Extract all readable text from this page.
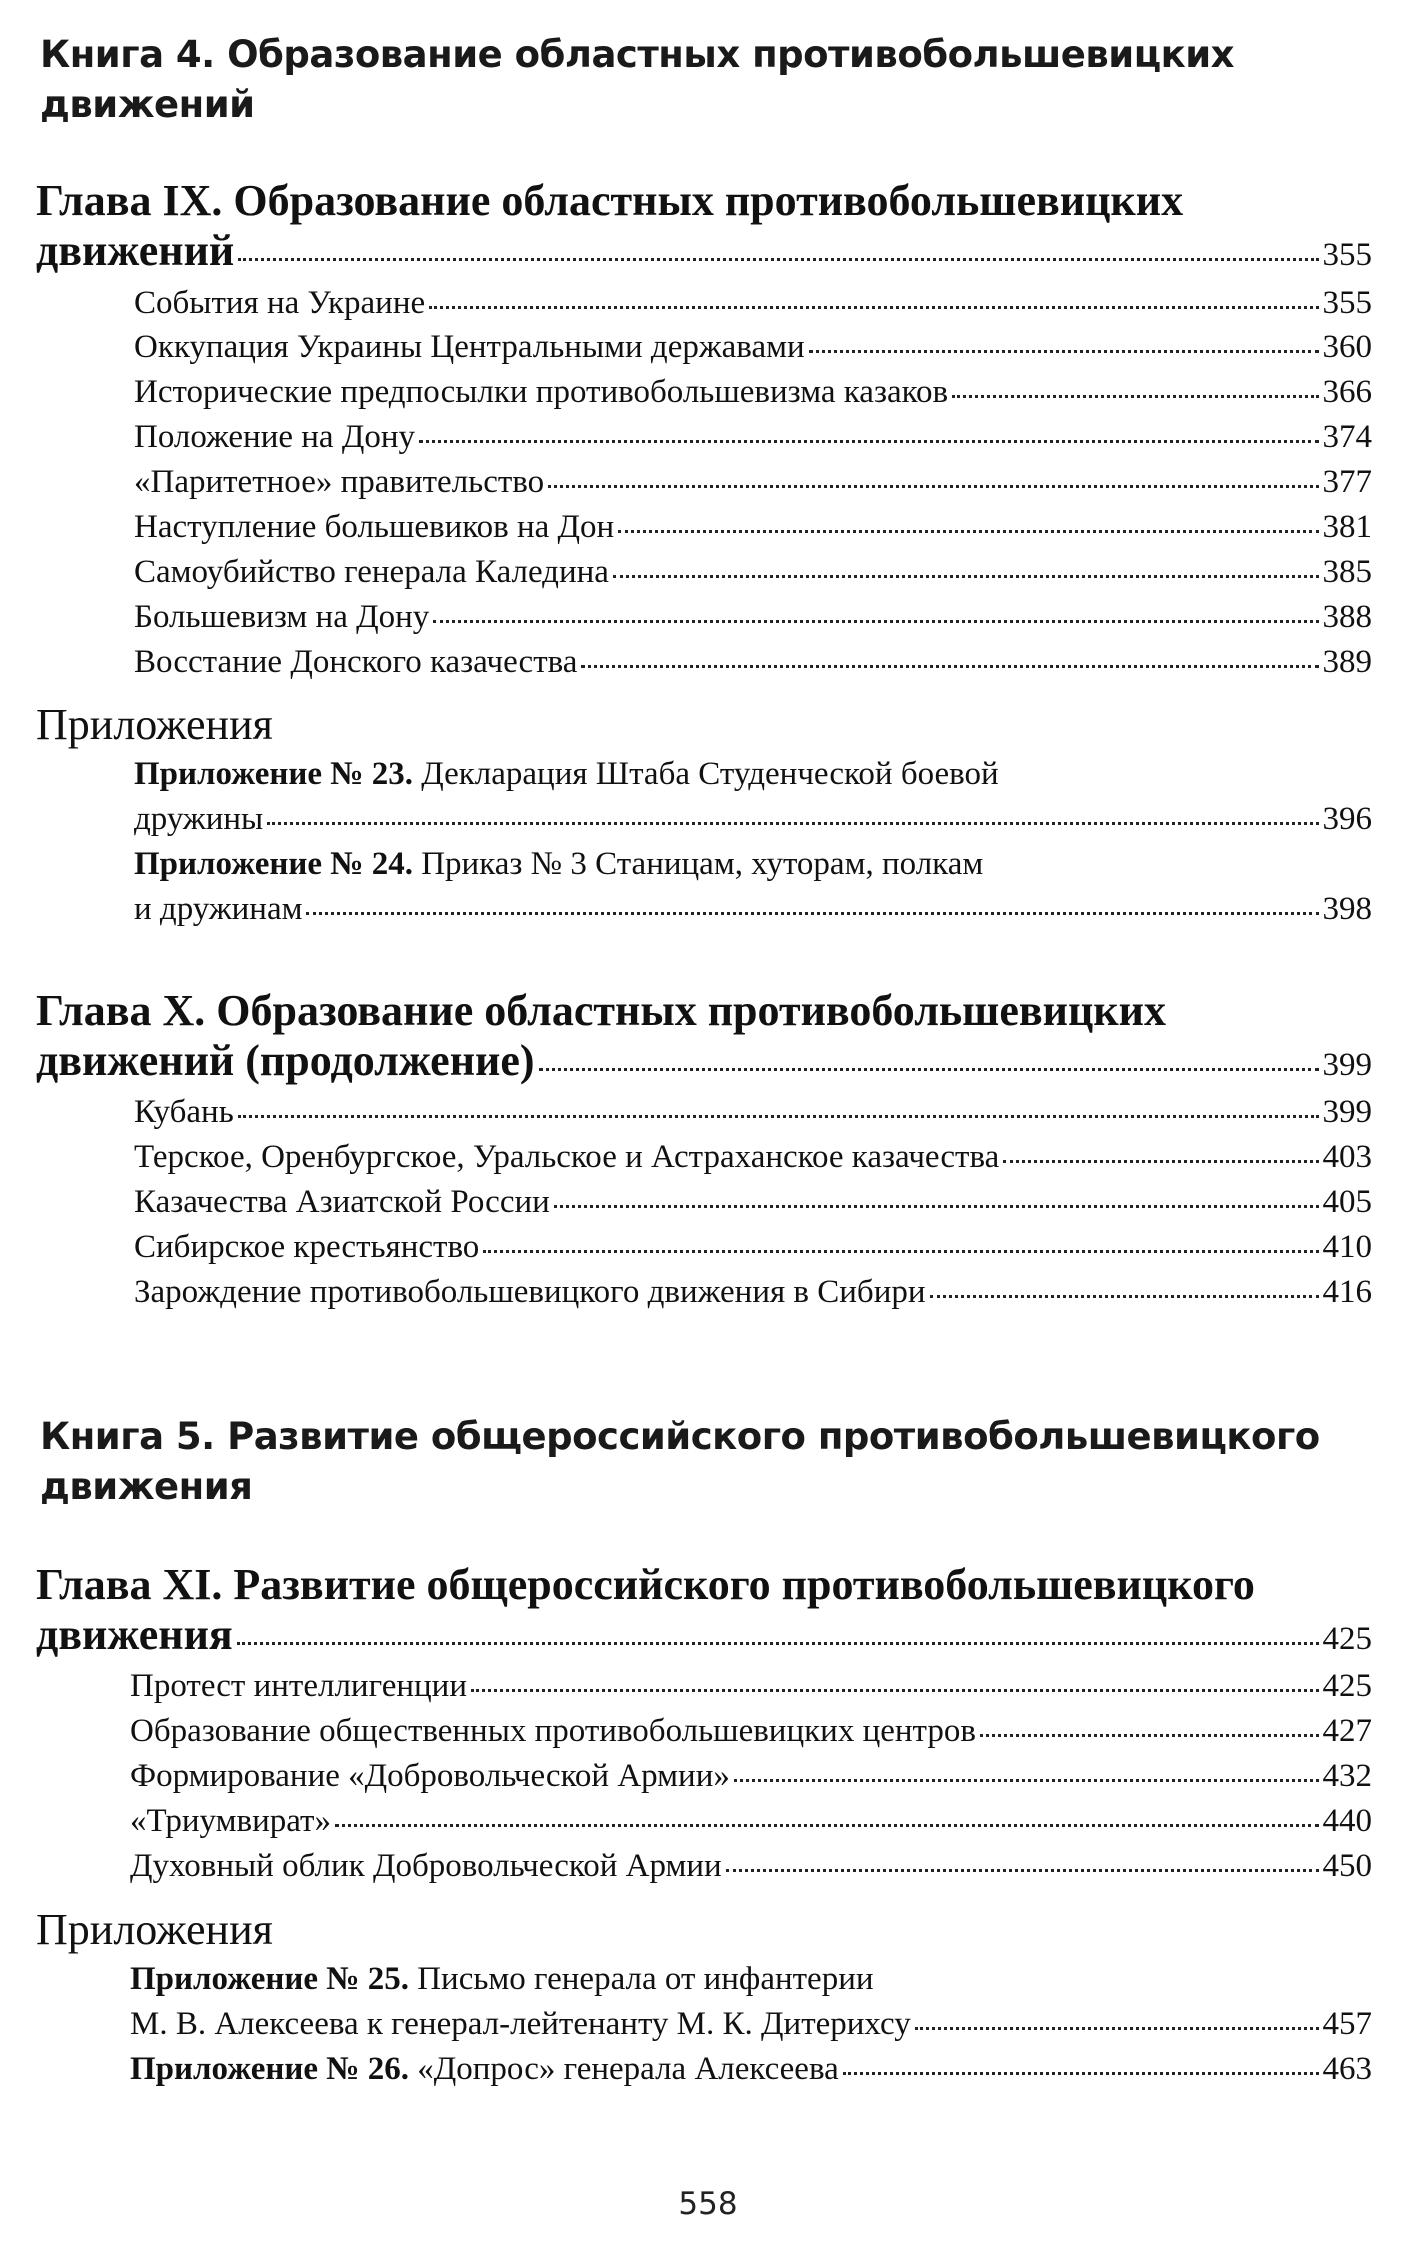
Книга 4. Образование областных противобольшевицких
движений
Глава IX. Образование областных противобольшевицких
движений	355
События на Украине	355
Оккупация Украины Центральными державами	360
Исторические предпосылки противобольшевизма казаков	366
Положение на Дону	374
«Паритетное» правительство	377
Наступление большевиков на Дон	381
Самоубийство генерала Каледина	385
Большевизм на Дону	388
Восстание Донского казачества	389
Приложения
Приложение № 23. Декларация Штаба Студенческой боевой
дружины	396
Приложение № 24. Приказ № 3 Станицам, хуторам, полкам
и дружинам	398
Глава X. Образование областных противобольшевицких
движений (продолжение)	399
Кубань	399
Терское, Оренбургское, Уральское и Астраханское казачества	403
Казачества Азиатской России	405
Сибирское крестьянство	410
Зарождение противобольшевицкого движения в Сибири	416
Книга 5. Развитие общероссийского противобольшевицкого
движения
Глава XI. Развитие общероссийского противобольшевицкого
движения	425
Протест интеллигенции	425
Образование общественных противобольшевицких центров	427
Формирование «Добровольческой Армии»	432
«Триумвират»	440
Духовный облик Добровольческой Армии	450
Приложения
Приложение № 25. Письмо генерала от инфантерии
М. В. Алексеева к генерал-лейтенанту М. К. Дитерихсу	457
Приложение № 26. «Допрос» генерала Алексеева	463
558
